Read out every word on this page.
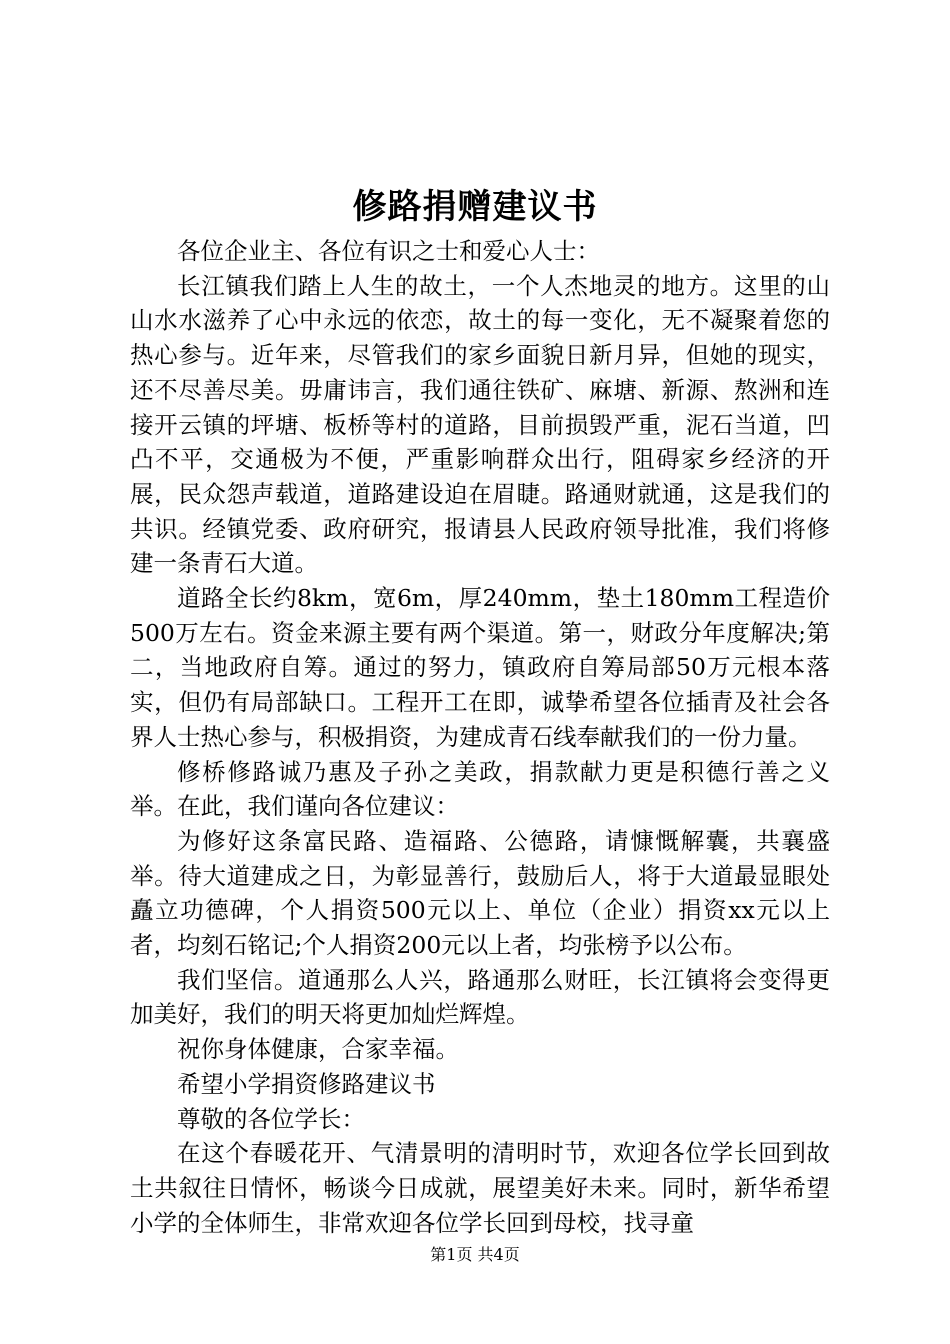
修路捐赠建议书

各位企业主、各位有识之士和爱心人士：

长江镇我们踏上人生的故土，一个人杰地灵的地方。这里的山山水水滋养了心中永远的依恋，故土的每一变化，无不凝聚着您的热心参与。近年来，尽管我们的家乡面貌日新月异，但她的现实，还不尽善尽美。毋庸讳言，我们通往铁矿、麻塘、新源、熬洲和连接开云镇的坪塘、板桥等村的道路，目前损毁严重，泥石当道，凹凸不平，交通极为不便，严重影响群众出行，阻碍家乡经济的开展，民众怨声载道，道路建设迫在眉睫。路通财就通，这是我们的共识。经镇党委、政府研究，报请县人民政府领导批准，我们将修建一条青石大道。

道路全长约8km，宽6m，厚240mm，垫土180mm工程造价500万左右。资金来源主要有两个渠道。第一，财政分年度解决;第二，当地政府自筹。通过的努力，镇政府自筹局部50万元根本落实，但仍有局部缺口。工程开工在即，诚挚希望各位插青及社会各界人士热心参与，积极捐资，为建成青石线奉献我们的一份力量。

修桥修路诚乃惠及子孙之美政，捐款献力更是积德行善之义举。在此，我们谨向各位建议：

为修好这条富民路、造福路、公德路，请慷慨解囊，共襄盛举。待大道建成之日，为彰显善行，鼓励后人，将于大道最显眼处矗立功德碑，个人捐资500元以上、单位（企业）捐资xx元以上者，均刻石铭记;个人捐资200元以上者，均张榜予以公布。

我们坚信。道通那么人兴，路通那么财旺，长江镇将会变得更加美好，我们的明天将更加灿烂辉煌。

祝你身体健康，合家幸福。

希望小学捐资修路建议书

尊敬的各位学长：

在这个春暖花开、气清景明的清明时节，欢迎各位学长回到故土共叙往日情怀，畅谈今日成就，展望美好未来。同时，新华希望小学的全体师生，非常欢迎各位学长回到母校，找寻童

第1页 共4页
